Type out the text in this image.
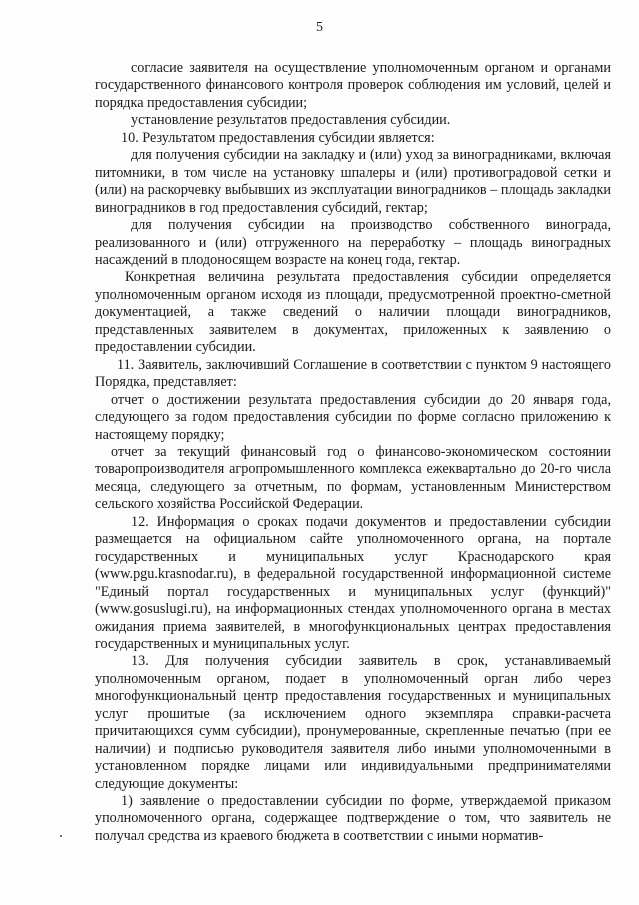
5

согласие заявителя на осуществление уполномоченным органом и органами государственного финансового контроля проверок соблюдения им условий, целей и порядка предоставления субсидии;

установление результатов предоставления субсидии.

10. Результатом предоставления субсидии является:

для получения субсидии на закладку и (или) уход за виноградниками, включая питомники, в том числе на установку шпалеры и (или) противоградовой сетки и (или) на раскорчевку выбывших из эксплуатации виноградников – площадь закладки виноградников в год предоставления субсидий, гектар;

для получения субсидии на производство собственного винограда, реализованного и (или) отгруженного на переработку – площадь виноградных насаждений в плодоносящем возрасте на конец года, гектар.

Конкретная величина результата предоставления субсидии определяется уполномоченным органом исходя из площади, предусмотренной проектно-сметной документацией, а также сведений о наличии площади виноградников, представленных заявителем в документах, приложенных к заявлению о предоставлении субсидии.

11. Заявитель, заключивший Соглашение в соответствии с пунктом 9 настоящего Порядка, представляет:

отчет о достижении результата предоставления субсидии до 20 января года, следующего за годом предоставления субсидии по форме согласно приложению к настоящему порядку;

отчет за текущий финансовый год о финансово-экономическом состоянии товаропроизводителя агропромышленного комплекса ежеквартально до 20-го числа месяца, следующего за отчетным, по формам, установленным Министерством сельского хозяйства Российской Федерации.

12. Информация о сроках подачи документов и предоставлении субсидии размещается на официальном сайте уполномоченного органа, на портале государственных и муниципальных услуг Краснодарского края (www.pgu.krasnodar.ru), в федеральной государственной информационной системе "Единый портал государственных и муниципальных услуг (функций)" (www.gosuslugi.ru), на информационных стендах уполномоченного органа в местах ожидания приема заявителей, в многофункциональных центрах предоставления государственных и муниципальных услуг.

13. Для получения субсидии заявитель в срок, устанавливаемый уполномоченным органом, подает в уполномоченный орган либо через многофункциональный центр предоставления государственных и муниципальных услуг прошитые (за исключением одного экземпляра справки-расчета причитающихся сумм субсидии), пронумерованные, скрепленные печатью (при ее наличии) и подписью руководителя заявителя либо иными уполномоченными в установленном порядке лицами или индивидуальными предпринимателями следующие документы:

1) заявление о предоставлении субсидии по форме, утверждаемой приказом уполномоченного органа, содержащее подтверждение о том, что заявитель не получал средства из краевого бюджета в соответствии с иными норматив-
